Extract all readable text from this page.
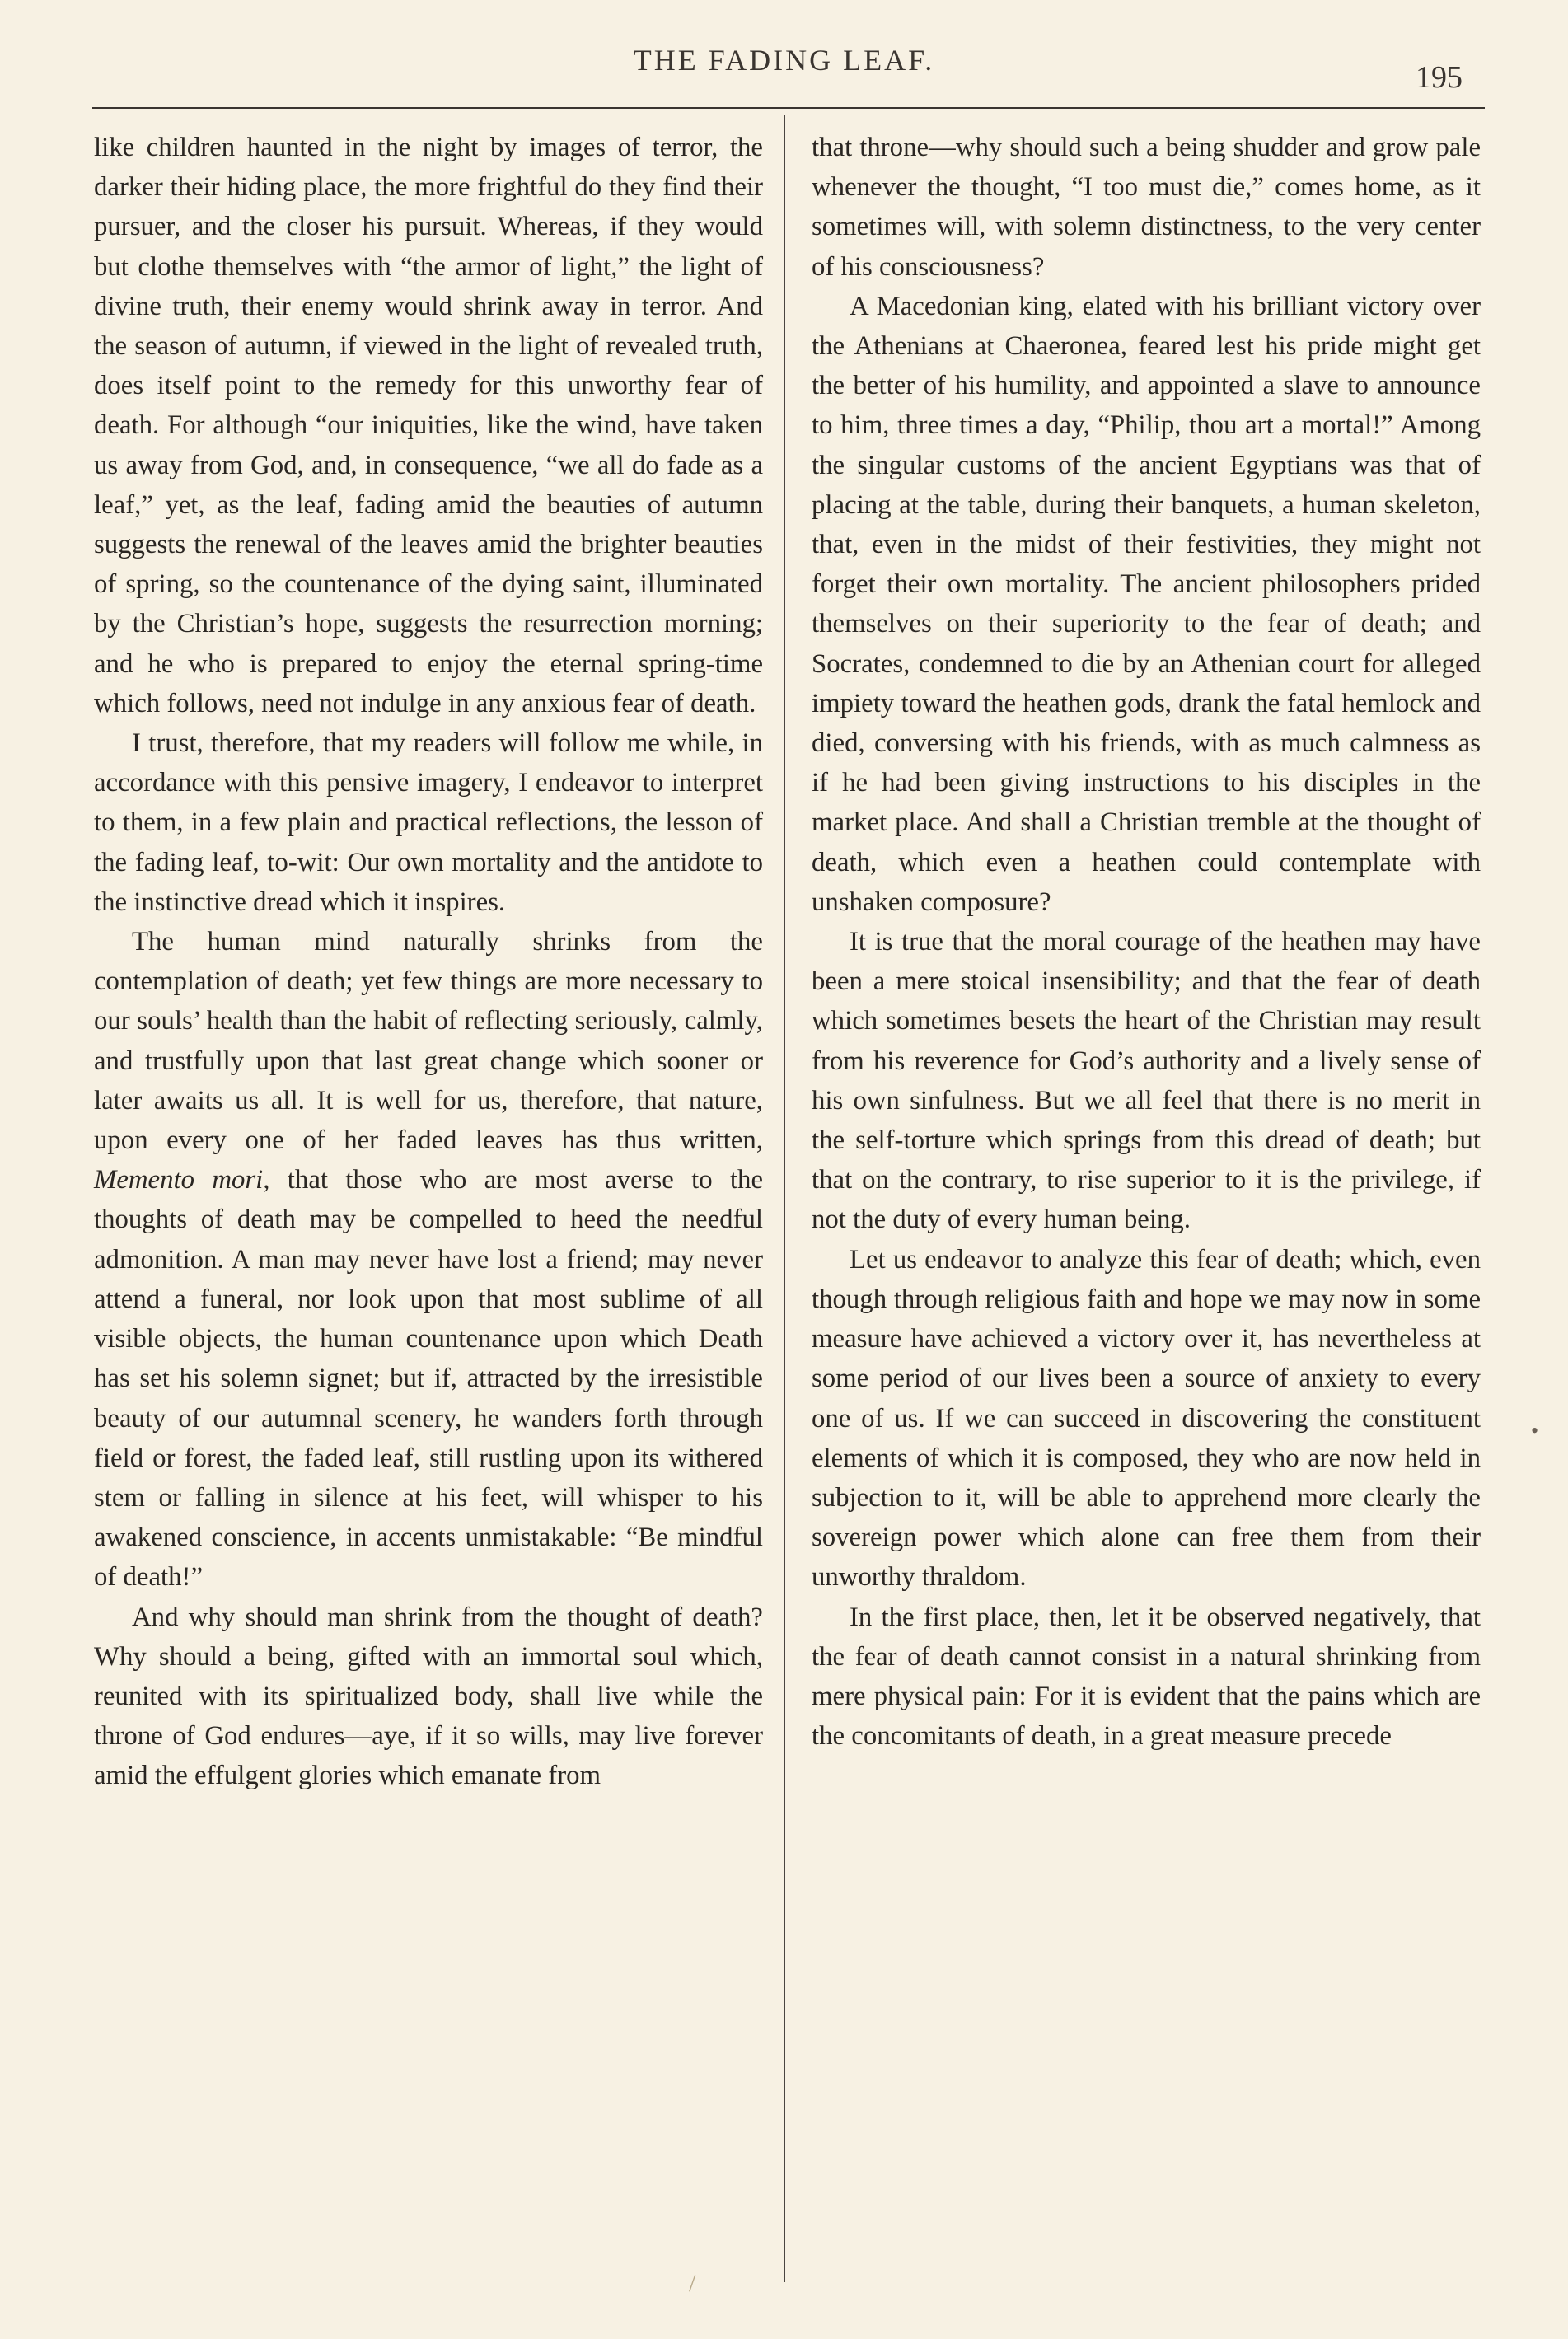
THE FADING LEAF.	195

like children haunted in the night by images of terror, the darker their hiding place, the more frightful do they find their pursuer, and the closer his pursuit. Whereas, if they would but clothe themselves with “the armor of light,” the light of divine truth, their enemy would shrink away in terror. And the season of autumn, if viewed in the light of revealed truth, does itself point to the remedy for this unworthy fear of death. For although “our iniquities, like the wind, have taken us away from God, and, in consequence, “we all do fade as a leaf,” yet, as the leaf, fading amid the beauties of autumn suggests the renewal of the leaves amid the brighter beauties of spring, so the countenance of the dying saint, illuminated by the Christian’s hope, suggests the resurrection morning; and he who is prepared to enjoy the eternal spring-time which follows, need not indulge in any anxious fear of death.

I trust, therefore, that my readers will follow me while, in accordance with this pensive imagery, I endeavor to interpret to them, in a few plain and practical reflections, the lesson of the fading leaf, to-wit: Our own mortality and the antidote to the instinctive dread which it inspires.

The human mind naturally shrinks from the contemplation of death; yet few things are more necessary to our souls’ health than the habit of reflecting seriously, calmly, and trustfully upon that last great change which sooner or later awaits us all. It is well for us, therefore, that nature, upon every one of her faded leaves has thus written, Memento mori, that those who are most averse to the thoughts of death may be compelled to heed the needful admonition. A man may never have lost a friend; may never attend a funeral, nor look upon that most sublime of all visible objects, the human countenance upon which Death has set his solemn signet; but if, attracted by the irresistible beauty of our autumnal scenery, he wanders forth through field or forest, the faded leaf, still rustling upon its withered stem or falling in silence at his feet, will whisper to his awakened conscience, in accents unmistakable: “Be mindful of death!”

And why should man shrink from the thought of death? Why should a being, gifted with an immortal soul which, reunited with its spiritualized body, shall live while the throne of God endures—aye, if it so wills, may live forever amid the effulgent glories which emanate from

that throne—why should such a being shudder and grow pale whenever the thought, “I too must die,” comes home, as it sometimes will, with solemn distinctness, to the very center of his consciousness?

A Macedonian king, elated with his brilliant victory over the Athenians at Chaeronea, feared lest his pride might get the better of his humility, and appointed a slave to announce to him, three times a day, “Philip, thou art a mortal!” Among the singular customs of the ancient Egyptians was that of placing at the table, during their banquets, a human skeleton, that, even in the midst of their festivities, they might not forget their own mortality. The ancient philosophers prided themselves on their superiority to the fear of death; and Socrates, condemned to die by an Athenian court for alleged impiety toward the heathen gods, drank the fatal hemlock and died, conversing with his friends, with as much calmness as if he had been giving instructions to his disciples in the market place. And shall a Christian tremble at the thought of death, which even a heathen could contemplate with unshaken composure?

It is true that the moral courage of the heathen may have been a mere stoical insensibility; and that the fear of death which sometimes besets the heart of the Christian may result from his reverence for God’s authority and a lively sense of his own sinfulness. But we all feel that there is no merit in the self-torture which springs from this dread of death; but that on the contrary, to rise superior to it is the privilege, if not the duty of every human being.

Let us endeavor to analyze this fear of death; which, even though through religious faith and hope we may now in some measure have achieved a victory over it, has nevertheless at some period of our lives been a source of anxiety to every one of us. If we can succeed in discovering the constituent elements of which it is composed, they who are now held in subjection to it, will be able to apprehend more clearly the sovereign power which alone can free them from their unworthy thraldom.

In the first place, then, let it be observed negatively, that the fear of death cannot consist in a natural shrinking from mere physical pain: For it is evident that the pains which are the concomitants of death, in a great measure precede

/
•
